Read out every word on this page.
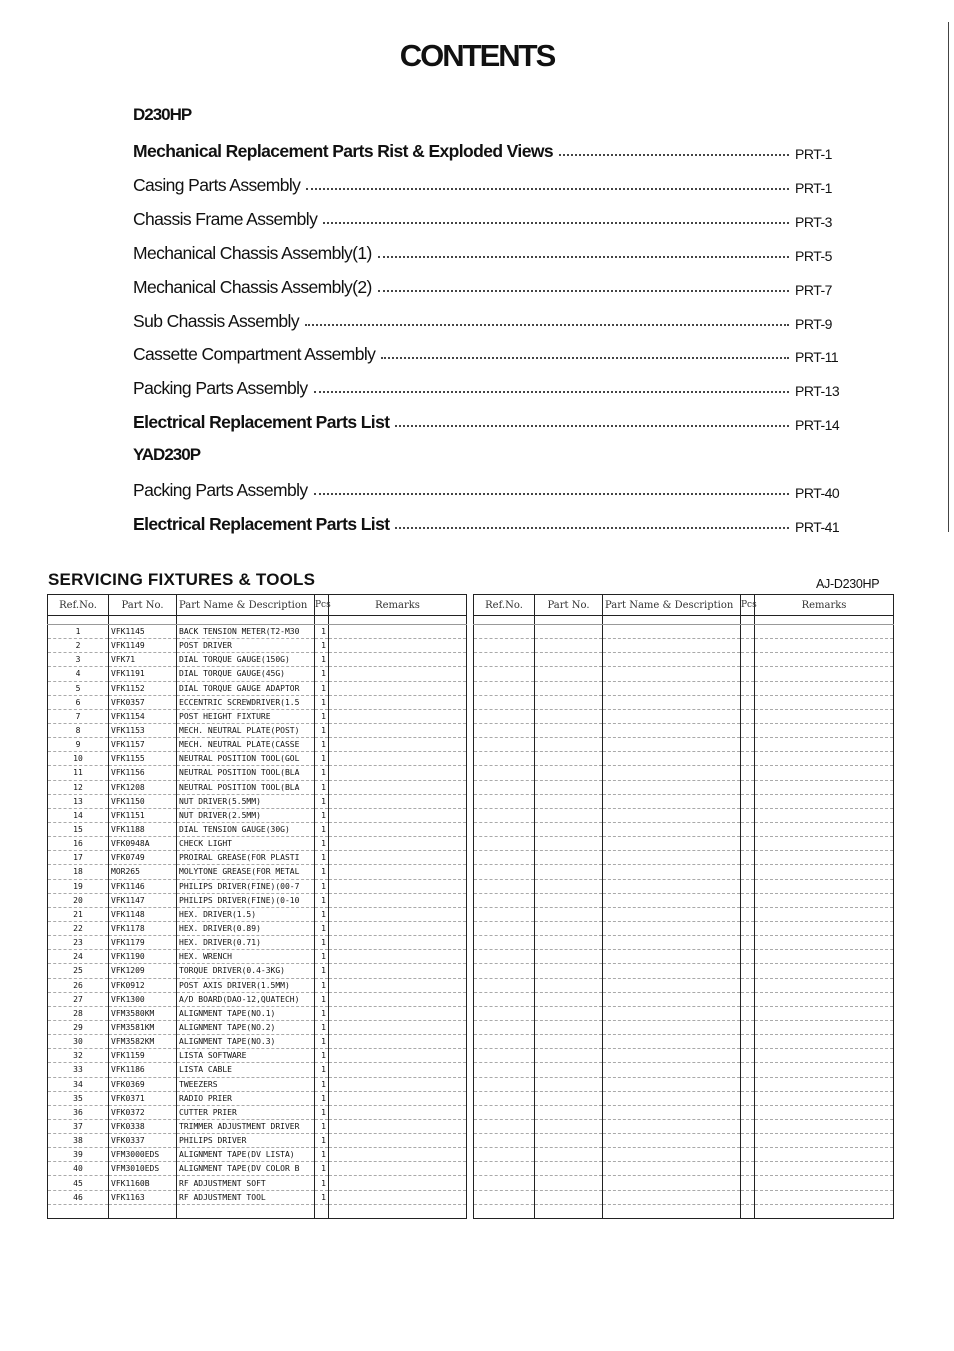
CONTENTS
D230HP
Mechanical Replacement Parts Rist & Exploded Views	PRT-1
Casing Parts Assembly	PRT-1
Chassis Frame Assembly	PRT-3
Mechanical Chassis Assembly(1)	PRT-5
Mechanical Chassis Assembly(2)	PRT-7
Sub Chassis Assembly	PRT-9
Cassette Compartment Assembly	PRT-11
Packing Parts Assembly	PRT-13
Electrical Replacement Parts List	PRT-14
YAD230P
Packing Parts Assembly	PRT-40
Electrical Replacement Parts List	PRT-41
SERVICING FIXTURES & TOOLS	AJ-D230HP
Ref.No.	Part No.	Part Name & Description	Pcs	Remarks

1	VFK1145	BACK TENSION METER(T2-M30	1	
2	VFK1149	POST DRIVER	1	
3	VFK71	DIAL TORQUE GAUGE(150G)	1	
4	VFK1191	DIAL TORQUE GAUGE(45G)	1	
5	VFK1152	DIAL TORQUE GAUGE ADAPTOR	1	
6	VFK0357	ECCENTRIC SCREWDRIVER(1.5	1	
7	VFK1154	POST HEIGHT FIXTURE	1	
8	VFK1153	MECH. NEUTRAL PLATE(POST)	1	
9	VFK1157	MECH. NEUTRAL PLATE(CASSE	1	
10	VFK1155	NEUTRAL POSITION TOOL(GOL	1	
11	VFK1156	NEUTRAL POSITION TOOL(BLA	1	
12	VFK1208	NEUTRAL POSITION TOOL(BLA	1	
13	VFK1150	NUT DRIVER(5.5MM)	1	
14	VFK1151	NUT DRIVER(2.5MM)	1	
15	VFK1188	DIAL TENSION GAUGE(30G)	1	
16	VFK0948A	CHECK LIGHT	1	
17	VFK0749	PROIRAL GREASE(FOR PLASTI	1	
18	MOR265	MOLYTONE GREASE(FOR METAL	1	
19	VFK1146	PHILIPS DRIVER(FINE)(00-7	1	
20	VFK1147	PHILIPS DRIVER(FINE)(0-10	1	
21	VFK1148	HEX. DRIVER(1.5)	1	
22	VFK1178	HEX. DRIVER(0.89)	1	
23	VFK1179	HEX. DRIVER(0.71)	1	
24	VFK1190	HEX. WRENCH	1	
25	VFK1209	TORQUE DRIVER(0.4-3KG)	1	
26	VFK0912	POST AXIS DRIVER(1.5MM)	1	
27	VFK1300	A/D BOARD(DAO-12,QUATECH)	1	
28	VFM3580KM	ALIGNMENT TAPE(NO.1)	1	
29	VFM3581KM	ALIGNMENT TAPE(NO.2)	1	
30	VFM3582KM	ALIGNMENT TAPE(NO.3)	1	
32	VFK1159	LISTA SOFTWARE	1	
33	VFK1186	LISTA CABLE	1	
34	VFK0369	TWEEZERS	1	
35	VFK0371	RADIO PRIER	1	
36	VFK0372	CUTTER PRIER	1	
37	VFK0338	TRIMMER ADJUSTMENT DRIVER	1	
38	VFK0337	PHILIPS DRIVER	1	
39	VFM3000EDS	ALIGNMENT TAPE(DV LISTA)	1	
40	VFM3010EDS	ALIGNMENT TAPE(DV COLOR B	1	
45	VFK1160B	RF ADJUSTMENT SOFT	1	
46	VFK1163	RF ADJUSTMENT TOOL	1	

Ref.No.	Part No.	Part Name & Description	Pcs	Remarks
